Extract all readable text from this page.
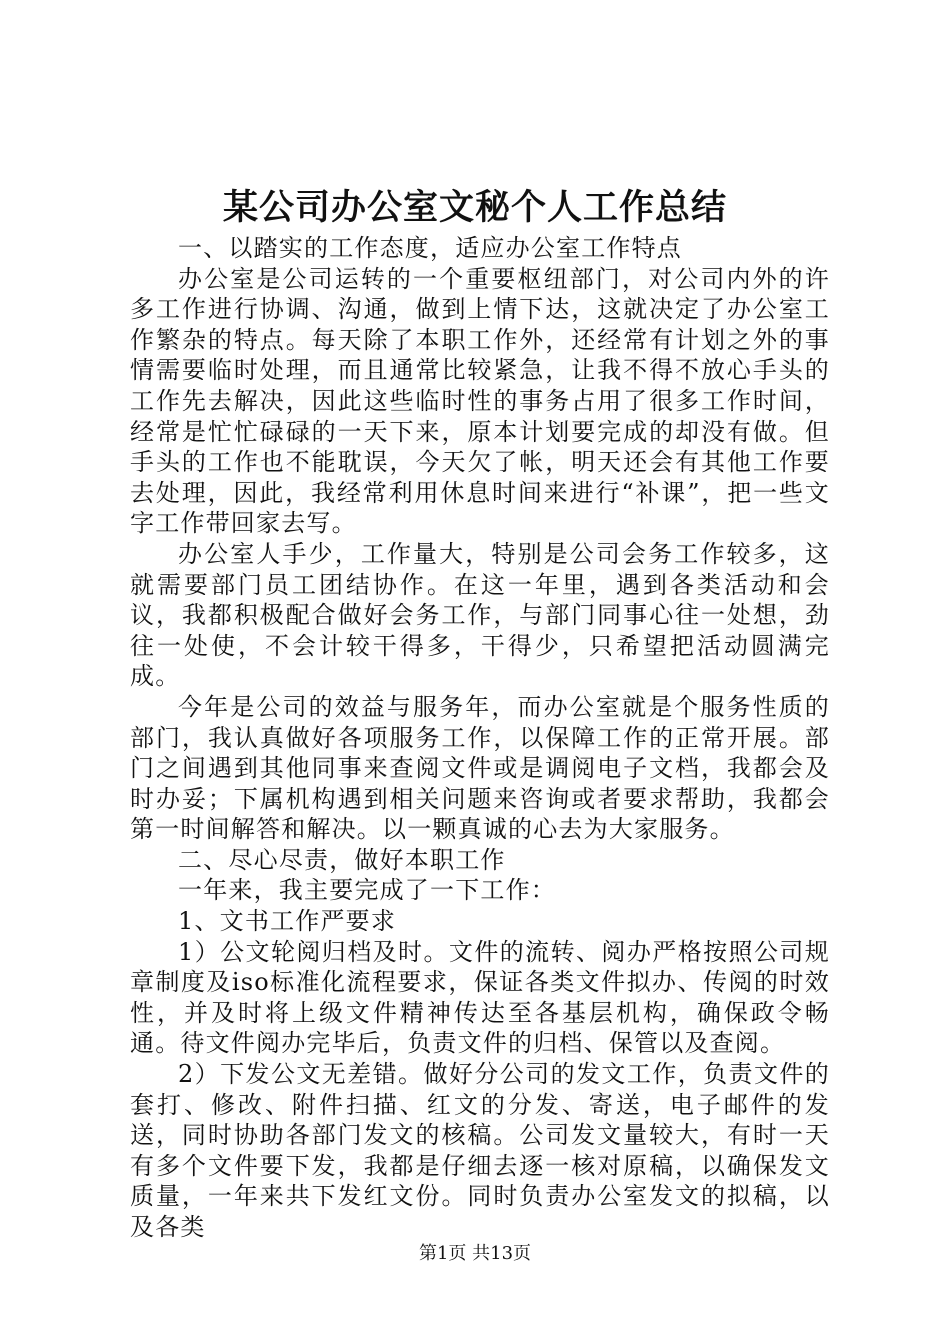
某公司办公室文秘个人工作总结

一、以踏实的工作态度，适应办公室工作特点

办公室是公司运转的一个重要枢纽部门，对公司内外的许多工作进行协调、沟通，做到上情下达，这就决定了办公室工作繁杂的特点。每天除了本职工作外，还经常有计划之外的事情需要临时处理，而且通常比较紧急，让我不得不放心手头的工作先去解决，因此这些临时性的事务占用了很多工作时间，经常是忙忙碌碌的一天下来，原本计划要完成的却没有做。但手头的工作也不能耽误，今天欠了帐，明天还会有其他工作要去处理，因此，我经常利用休息时间来进行“补课”，把一些文字工作带回家去写。

办公室人手少，工作量大，特别是公司会务工作较多，这就需要部门员工团结协作。在这一年里，遇到各类活动和会议，我都积极配合做好会务工作，与部门同事心往一处想，劲往一处使，不会计较干得多，干得少，只希望把活动圆满完成。

今年是公司的效益与服务年，而办公室就是个服务性质的部门，我认真做好各项服务工作，以保障工作的正常开展。部门之间遇到其他同事来查阅文件或是调阅电子文档，我都会及时办妥；下属机构遇到相关问题来咨询或者要求帮助，我都会第一时间解答和解决。以一颗真诚的心去为大家服务。

二、尽心尽责，做好本职工作

一年来，我主要完成了一下工作：

1、文书工作严要求

1）公文轮阅归档及时。文件的流转、阅办严格按照公司规章制度及iso标准化流程要求，保证各类文件拟办、传阅的时效性，并及时将上级文件精神传达至各基层机构，确保政令畅通。待文件阅办完毕后，负责文件的归档、保管以及查阅。

2）下发公文无差错。做好分公司的发文工作，负责文件的套打、修改、附件扫描、红文的分发、寄送，电子邮件的发送，同时协助各部门发文的核稿。公司发文量较大，有时一天有多个文件要下发，我都是仔细去逐一核对原稿，以确保发文质量，一年来共下发红文份。同时负责办公室发文的拟稿，以及各类

第1页 共13页
